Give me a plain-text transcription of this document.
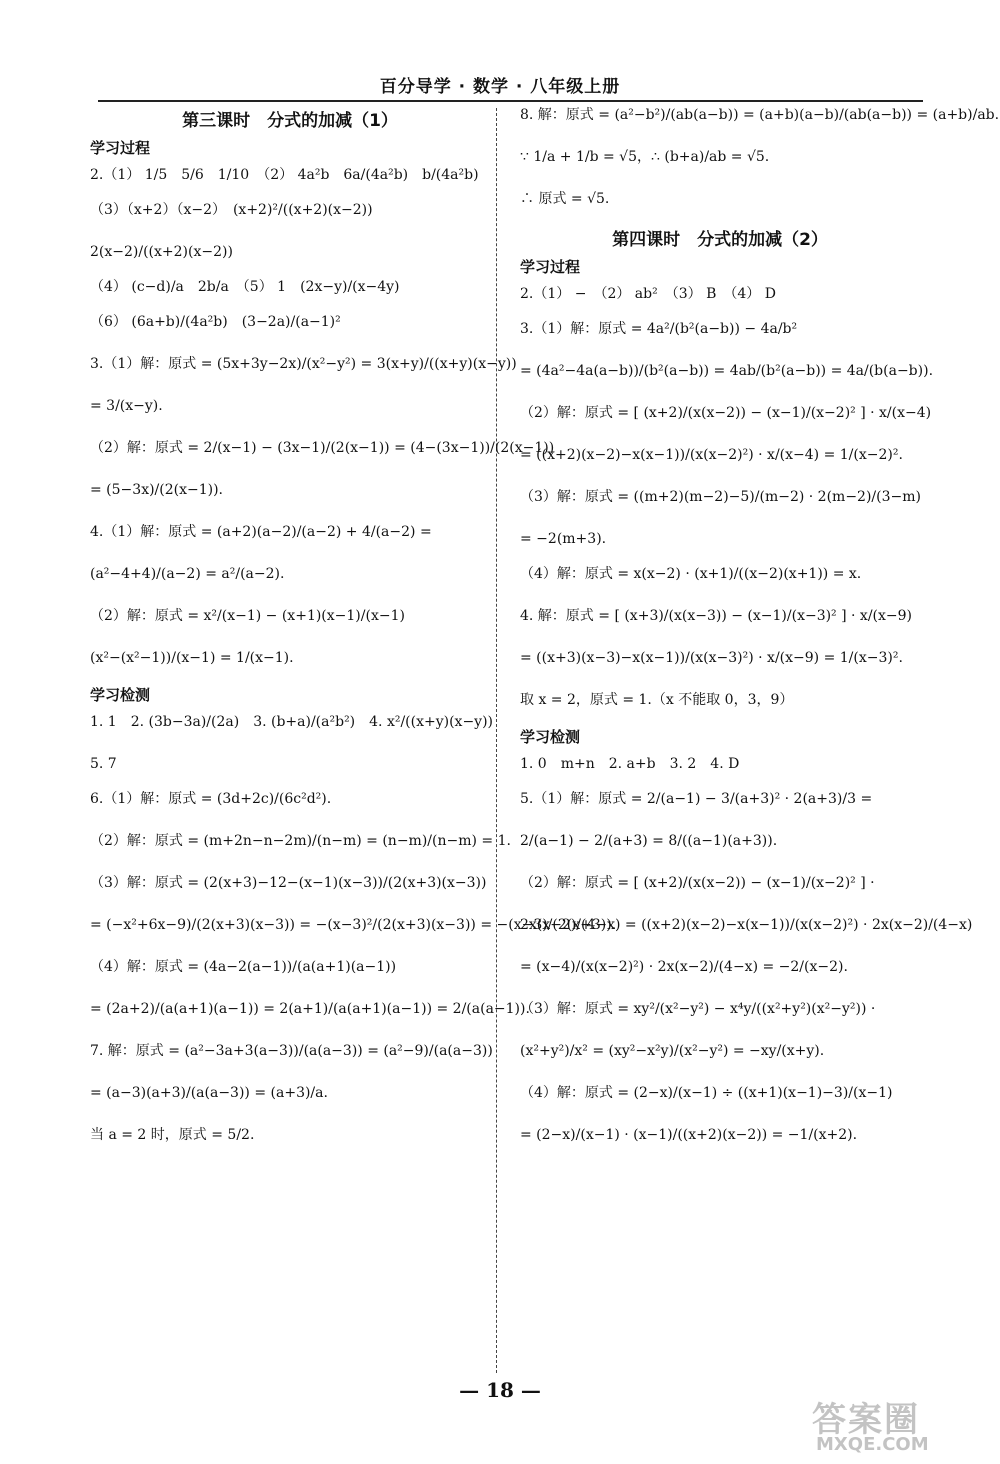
百分导学 · 数学 · 八年级上册
第三课时　分式的加减（1）
学习过程
2.（1） 1/5　5/6　1/10　（2） 4a²b　6a/(4a²b)　b/(4a²b)
（3）（x+2）（x−2）　(x+2)²/((x+2)(x−2))
2(x−2)/((x+2)(x−2))
（4） (c−d)/a　2b/a　（5） 1　(2x−y)/(x−4y)
（6） (6a+b)/(4a²b)　(3−2a)/(a−1)²
3.（1）解：原式 = (5x+3y−2x)/(x²−y²) = 3(x+y)/((x+y)(x−y))
= 3/(x−y).
（2）解：原式 = 2/(x−1) − (3x−1)/(2(x−1)) = (4−(3x−1))/(2(x−1))
= (5−3x)/(2(x−1)).
4.（1）解：原式 = (a+2)(a−2)/(a−2) + 4/(a−2) =
(a²−4+4)/(a−2) = a²/(a−2).
（2）解：原式 = x²/(x−1) − (x+1)(x−1)/(x−1)
(x²−(x²−1))/(x−1) = 1/(x−1).
学习检测
1. 1　2. (3b−3a)/(2a)　3. (b+a)/(a²b²)　4. x²/((x+y)(x−y))
5. 7
6.（1）解：原式 = (3d+2c)/(6c²d²).
（2）解：原式 = (m+2n−n−2m)/(n−m) = (n−m)/(n−m) = 1.
（3）解：原式 = (2(x+3)−12−(x−1)(x−3))/(2(x+3)(x−3))
= (−x²+6x−9)/(2(x+3)(x−3)) = −(x−3)²/(2(x+3)(x−3)) = −(x−3)/(2(x+3)).
（4）解：原式 = (4a−2(a−1))/(a(a+1)(a−1))
= (2a+2)/(a(a+1)(a−1)) = 2(a+1)/(a(a+1)(a−1)) = 2/(a(a−1)).
7. 解：原式 = (a²−3a+3(a−3))/(a(a−3)) = (a²−9)/(a(a−3))
= (a−3)(a+3)/(a(a−3)) = (a+3)/a.
当 a = 2 时，原式 = 5/2.
8. 解：原式 = (a²−b²)/(ab(a−b)) = (a+b)(a−b)/(ab(a−b)) = (a+b)/ab.
∵ 1/a + 1/b = √5，∴ (b+a)/ab = √5.
∴ 原式 = √5.
第四课时　分式的加减（2）
学习过程
2.（1） −　（2） ab²　（3） B　（4） D
3.（1）解：原式 = 4a²/(b²(a−b)) − 4a/b²
= (4a²−4a(a−b))/(b²(a−b)) = 4ab/(b²(a−b)) = 4a/(b(a−b)).
（2）解：原式 = [ (x+2)/(x(x−2)) − (x−1)/(x−2)² ] · x/(x−4)
= ((x+2)(x−2)−x(x−1))/(x(x−2)²) · x/(x−4) = 1/(x−2)².
（3）解：原式 = ((m+2)(m−2)−5)/(m−2) · 2(m−2)/(3−m)
= −2(m+3).
（4）解：原式 = x(x−2) · (x+1)/((x−2)(x+1)) = x.
4. 解：原式 = [ (x+3)/(x(x−3)) − (x−1)/(x−3)² ] · x/(x−9)
= ((x+3)(x−3)−x(x−1))/(x(x−3)²) · x/(x−9) = 1/(x−3)².
取 x = 2，原式 = 1.（x 不能取 0，3，9）
学习检测
1. 0　m+n　2. a+b　3. 2　4. D
5.（1）解：原式 = 2/(a−1) − 3/(a+3)² · 2(a+3)/3 =
2/(a−1) − 2/(a+3) = 8/((a−1)(a+3)).
（2）解：原式 = [ (x+2)/(x(x−2)) − (x−1)/(x−2)² ] ·
2x(x−2)/(4−x) = ((x+2)(x−2)−x(x−1))/(x(x−2)²) · 2x(x−2)/(4−x)
= (x−4)/(x(x−2)²) · 2x(x−2)/(4−x) = −2/(x−2).
（3）解：原式 = xy²/(x²−y²) − x⁴y/((x²+y²)(x²−y²)) ·
(x²+y²)/x² = (xy²−x²y)/(x²−y²) = −xy/(x+y).
（4）解：原式 = (2−x)/(x−1) ÷ ((x+1)(x−1)−3)/(x−1)
= (2−x)/(x−1) · (x−1)/((x+2)(x−2)) = −1/(x+2).
— 18 —
答案圈
MXQE.COM
